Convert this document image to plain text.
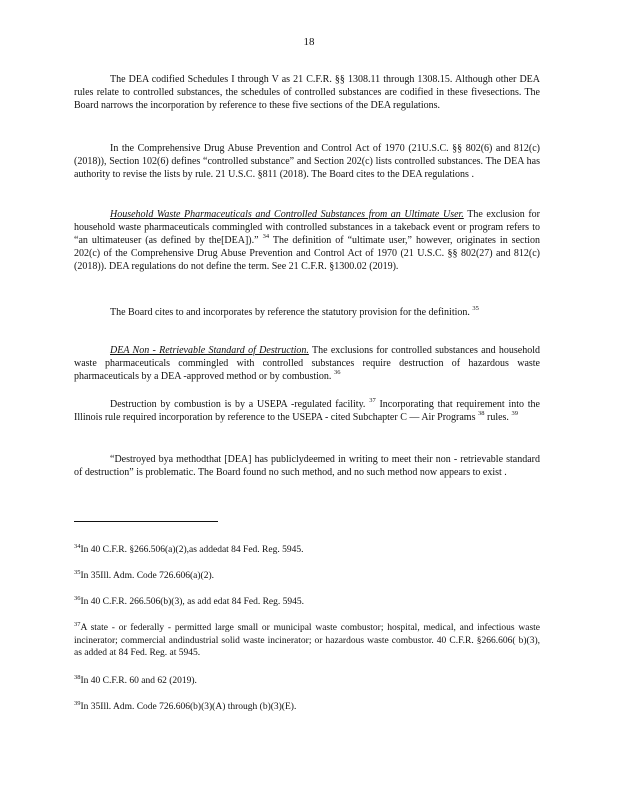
18

The DEA codified Schedules I through V as 21 C.F.R. §§ 1308.11 through 1308.15. Although other DEA rules relate to controlled substances, the schedules of controlled substances are codified in these fivesections. The Board narrows the incorporation by reference to these five sections of the DEA regulations.

In the Comprehensive Drug Abuse Prevention and Control Act of 1970 (21U.S.C. §§ 802(6) and 812(c) (2018)), Section 102(6) defines “controlled substance” and Section 202(c) lists controlled substances. The DEA has authority to revise the lists by rule. 21 U.S.C. §811 (2018). The Board cites to the DEA regulations .

Household Waste Pharmaceuticals and Controlled Substances from an Ultimate User. The exclusion for household waste pharmaceuticals commingled with controlled substances in a takeback event or program refers to “an ultimateuser (as defined by the[DEA]).” $^{34}$ The definition of “ultimate user,” however, originates in section 202(c) of the Comprehensive Drug Abuse Prevention and Control Act of 1970 (21 U.S.C. §§ 802(27) and 812(c) (2018)). DEA regulations do not define the term. See 21 C.F.R. §1300.02 (2019).

The Board cites to and incorporates by reference the statutory provision for the definition. $^{35}$

DEA Non - Retrievable Standard of Destruction. The exclusions for controlled substances and household waste pharmaceuticals commingled with controlled substances require destruction of hazardous waste pharmaceuticals by a DEA -approved method or by combustion. $^{36}$

Destruction by combustion is by a USEPA -regulated facility. $^{37}$ Incorporating that requirement into the Illinois rule required incorporation by reference to the USEPA - cited Subchapter C — Air Programs $^{38}$ rules. $^{39}$

“Destroyed bya methodthat [DEA] has publiclydeemed in writing to meet their non - retrievable standard of destruction” is problematic. The Board found no such method, and no such method now appears to exist .

$^{34}$In 40 C.F.R. §266.506(a)(2),as addedat 84 Fed. Reg. 5945.
$^{35}$In 35Ill. Adm. Code 726.606(a)(2).
$^{36}$In 40 C.F.R. 266.506(b)(3), as add edat 84 Fed. Reg. 5945.
$^{37}$A state - or federally - permitted large small or municipal waste combustor; hospital, medical, and infectious waste incinerator; commercial andindustrial solid waste incinerator; or hazardous waste combustor. 40 C.F.R. §266.606( b)(3), as added at 84 Fed. Reg. at 5945.
$^{38}$In 40 C.F.R. 60 and 62 (2019).
$^{39}$In 35Ill. Adm. Code 726.606(b)(3)(A) through (b)(3)(E).
